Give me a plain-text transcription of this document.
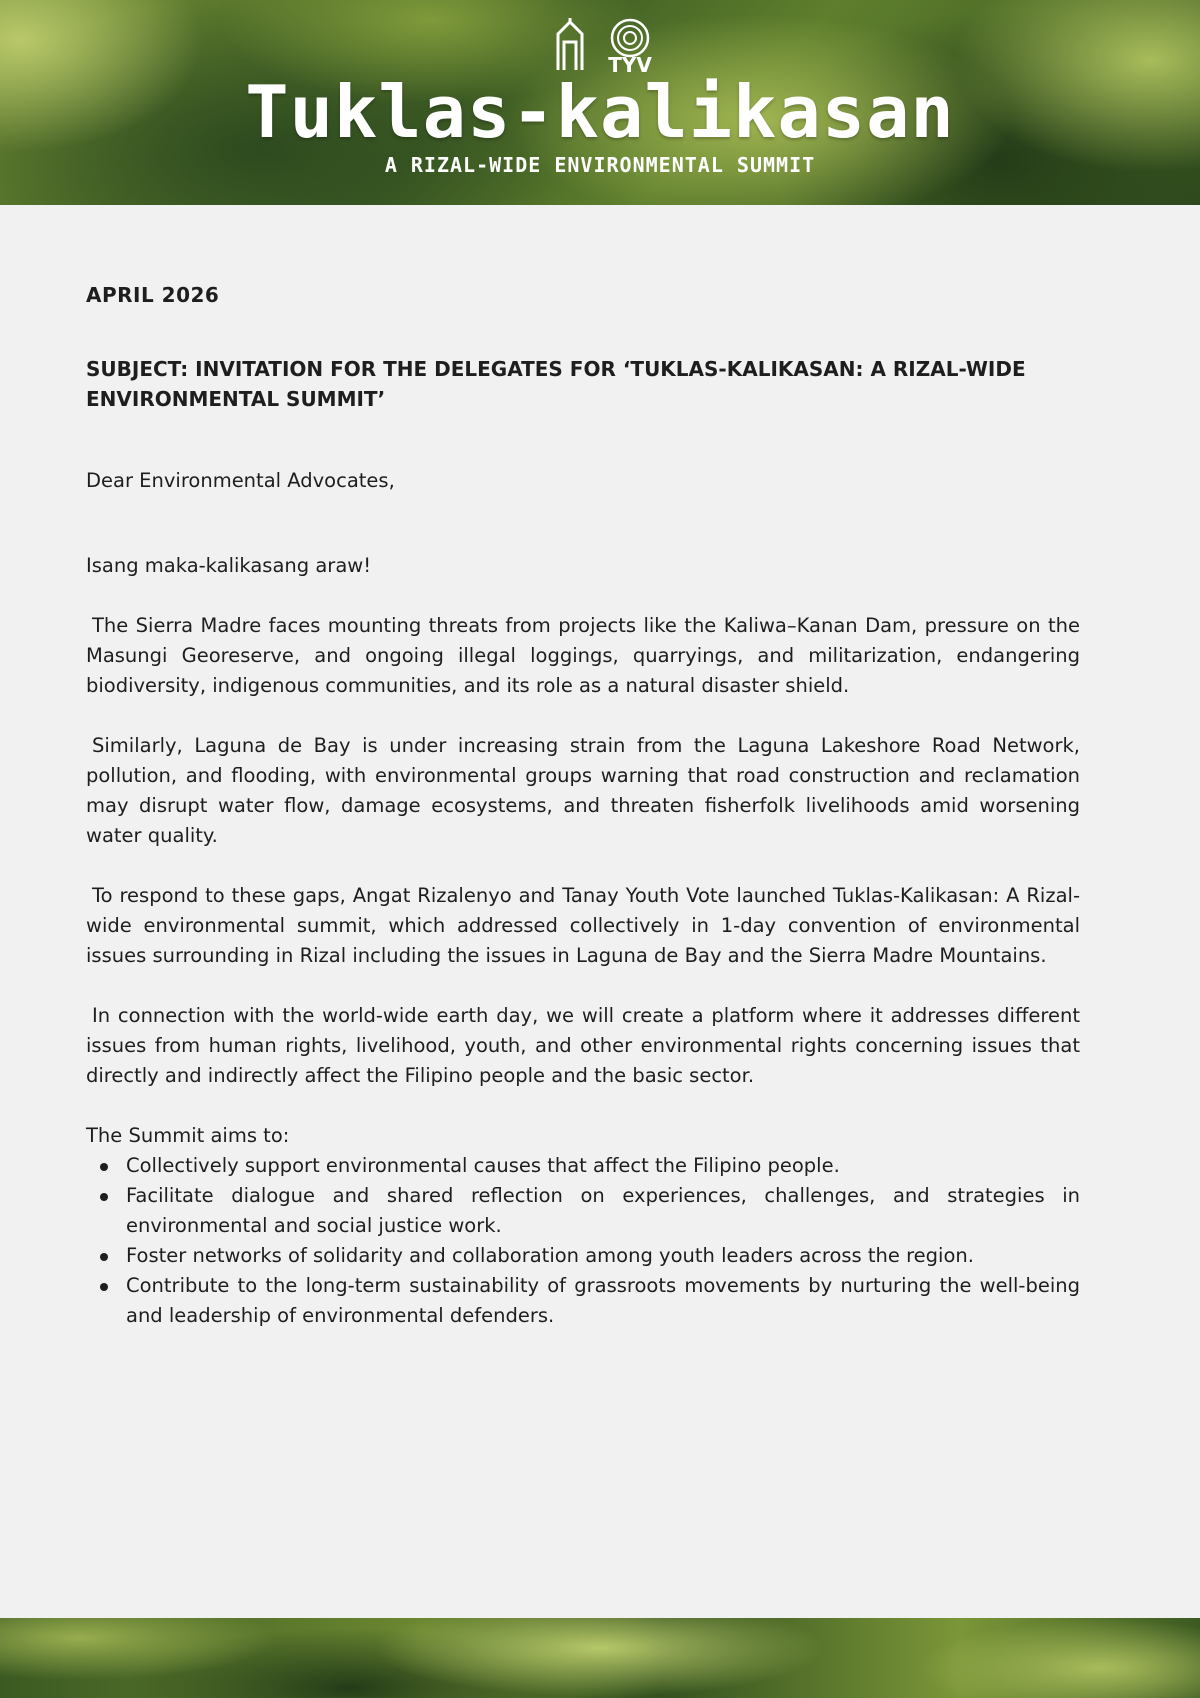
TYV
Tuklas-kalikasan
A RIZAL-WIDE ENVIRONMENTAL SUMMIT

APRIL 2026

SUBJECT: INVITATION FOR THE DELEGATES FOR ‘TUKLAS-KALIKASAN: A RIZAL-WIDE ENVIRONMENTAL SUMMIT’

Dear Environmental Advocates,

Isang maka-kalikasang araw!

The Sierra Madre faces mounting threats from projects like the Kaliwa–Kanan Dam, pressure on the Masungi Georeserve, and ongoing illegal loggings, quarryings, and militarization, endangering biodiversity, indigenous communities, and its role as a natural disaster shield.

Similarly, Laguna de Bay is under increasing strain from the Laguna Lakeshore Road Network, pollution, and flooding, with environmental groups warning that road construction and reclamation may disrupt water flow, damage ecosystems, and threaten fisherfolk livelihoods amid worsening water quality.

To respond to these gaps, Angat Rizalenyo and Tanay Youth Vote launched Tuklas-Kalikasan: A Rizal-wide environmental summit, which addressed collectively in 1-day convention of environmental issues surrounding in Rizal including the issues in Laguna de Bay and the Sierra Madre Mountains.

In connection with the world-wide earth day, we will create a platform where it addresses different issues from human rights, livelihood, youth, and other environmental rights concerning issues that directly and indirectly affect the Filipino people and the basic sector.

The Summit aims to:

Collectively support environmental causes that affect the Filipino people.
Facilitate dialogue and shared reflection on experiences, challenges, and strategies in environmental and social justice work.
Foster networks of solidarity and collaboration among youth leaders across the region.
Contribute to the long-term sustainability of grassroots movements by nurturing the well-being and leadership of environmental defenders.
